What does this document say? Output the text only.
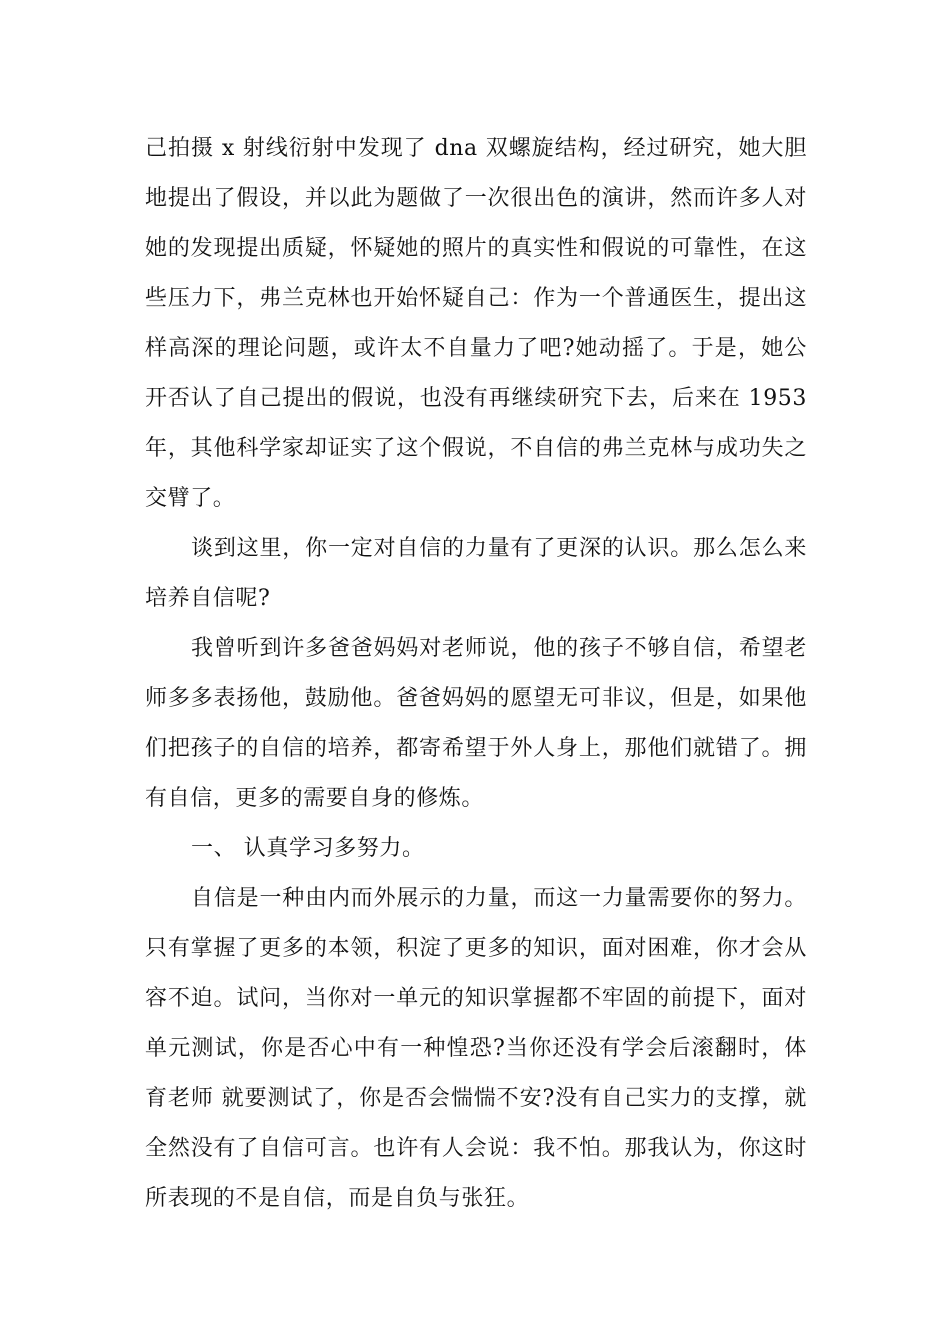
己拍摄 x 射线衍射中发现了 dna 双螺旋结构，经过研究，她大胆地提出了假设，并以此为题做了一次很出色的演讲，然而许多人对她的发现提出质疑，怀疑她的照片的真实性和假说的可靠性，在这些压力下，弗兰克林也开始怀疑自己：作为一个普通医生，提出这样高深的理论问题，或许太不自量力了吧?她动摇了。于是，她公开否认了自己提出的假说，也没有再继续研究下去，后来在 1953 年，其他科学家却证实了这个假说，不自信的弗兰克林与成功失之交臂了。

谈到这里，你一定对自信的力量有了更深的认识。那么怎么来培养自信呢?

我曾听到许多爸爸妈妈对老师说，他的孩子不够自信，希望老师多多表扬他，鼓励他。爸爸妈妈的愿望无可非议，但是，如果他们把孩子的自信的培养，都寄希望于外人身上，那他们就错了。拥有自信，更多的需要自身的修炼。

一、 认真学习多努力。

自信是一种由内而外展示的力量，而这一力量需要你的努力。只有掌握了更多的本领，积淀了更多的知识，面对困难，你才会从容不迫。试问，当你对一单元的知识掌握都不牢固的前提下，面对单元测试，你是否心中有一种惶恐?当你还没有学会后滚翻时，体育老师 就要测试了，你是否会惴惴不安?没有自己实力的支撑，就全然没有了自信可言。也许有人会说：我不怕。那我认为，你这时所表现的不是自信，而是自负与张狂。
